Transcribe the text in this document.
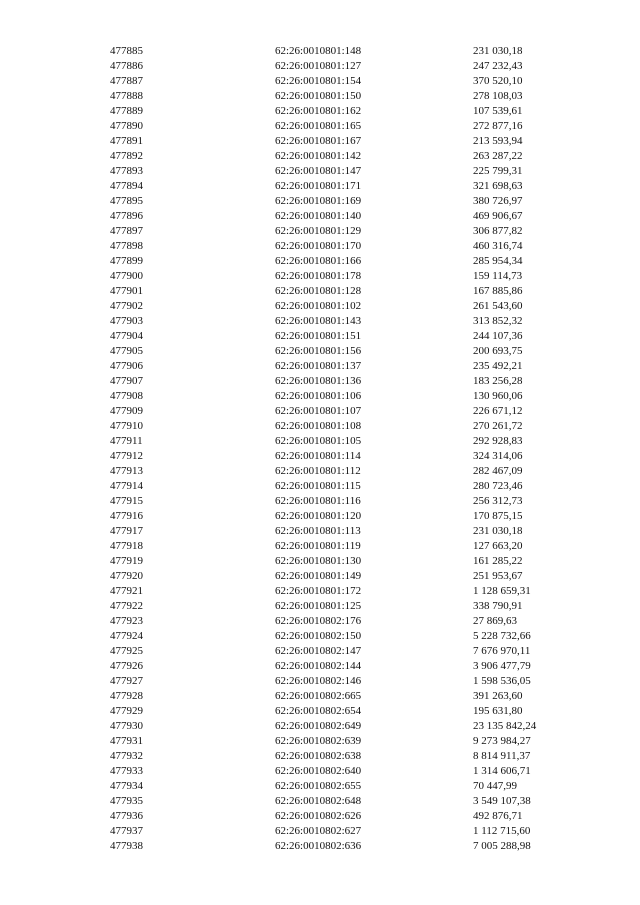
477885	62:26:0010801:148	231 030,18
477886	62:26:0010801:127	247 232,43
477887	62:26:0010801:154	370 520,10
477888	62:26:0010801:150	278 108,03
477889	62:26:0010801:162	107 539,61
477890	62:26:0010801:165	272 877,16
477891	62:26:0010801:167	213 593,94
477892	62:26:0010801:142	263 287,22
477893	62:26:0010801:147	225 799,31
477894	62:26:0010801:171	321 698,63
477895	62:26:0010801:169	380 726,97
477896	62:26:0010801:140	469 906,67
477897	62:26:0010801:129	306 877,82
477898	62:26:0010801:170	460 316,74
477899	62:26:0010801:166	285 954,34
477900	62:26:0010801:178	159 114,73
477901	62:26:0010801:128	167 885,86
477902	62:26:0010801:102	261 543,60
477903	62:26:0010801:143	313 852,32
477904	62:26:0010801:151	244 107,36
477905	62:26:0010801:156	200 693,75
477906	62:26:0010801:137	235 492,21
477907	62:26:0010801:136	183 256,28
477908	62:26:0010801:106	130 960,06
477909	62:26:0010801:107	226 671,12
477910	62:26:0010801:108	270 261,72
477911	62:26:0010801:105	292 928,83
477912	62:26:0010801:114	324 314,06
477913	62:26:0010801:112	282 467,09
477914	62:26:0010801:115	280 723,46
477915	62:26:0010801:116	256 312,73
477916	62:26:0010801:120	170 875,15
477917	62:26:0010801:113	231 030,18
477918	62:26:0010801:119	127 663,20
477919	62:26:0010801:130	161 285,22
477920	62:26:0010801:149	251 953,67
477921	62:26:0010801:172	1 128 659,31
477922	62:26:0010801:125	338 790,91
477923	62:26:0010802:176	27 869,63
477924	62:26:0010802:150	5 228 732,66
477925	62:26:0010802:147	7 676 970,11
477926	62:26:0010802:144	3 906 477,79
477927	62:26:0010802:146	1 598 536,05
477928	62:26:0010802:665	391 263,60
477929	62:26:0010802:654	195 631,80
477930	62:26:0010802:649	23 135 842,24
477931	62:26:0010802:639	9 273 984,27
477932	62:26:0010802:638	8 814 911,37
477933	62:26:0010802:640	1 314 606,71
477934	62:26:0010802:655	70 447,99
477935	62:26:0010802:648	3 549 107,38
477936	62:26:0010802:626	492 876,71
477937	62:26:0010802:627	1 112 715,60
477938	62:26:0010802:636	7 005 288,98
